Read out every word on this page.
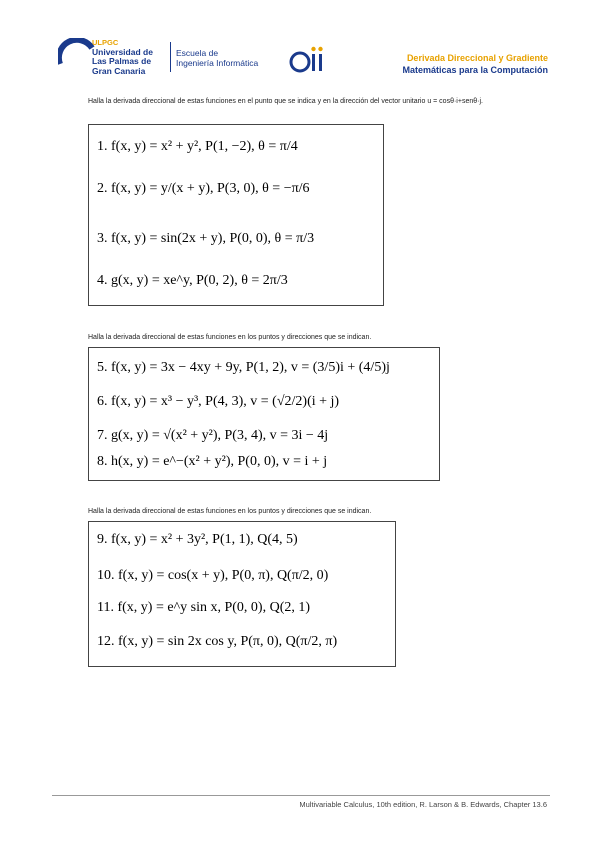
ULPGC
Universidad de
Las Palmas de
Gran Canaria
Escuela de
Ingeniería Informática	Derivada Direccional y Gradiente
Matemáticas para la Computación
Halla la derivada direccional de estas funciones en el punto que se indica y en la dirección del vector unitario u = cosθ·i+senθ·j.
1. f(x, y) = x² + y², P(1, −2), θ = π/4
2. f(x, y) = y/(x + y), P(3, 0), θ = −π/6
3. f(x, y) = sin(2x + y), P(0, 0), θ = π/3
4. g(x, y) = xe^y, P(0, 2), θ = 2π/3
Halla la derivada direccional de estas funciones en los puntos y direcciones que se indican.
5. f(x, y) = 3x − 4xy + 9y, P(1, 2), v = (3/5)i + (4/5)j
6. f(x, y) = x³ − y³, P(4, 3), v = (√2/2)(i + j)
7. g(x, y) = √(x² + y²), P(3, 4), v = 3i − 4j
8. h(x, y) = e^−(x² + y²), P(0, 0), v = i + j
Halla la derivada direccional de estas funciones en los puntos y direcciones que se indican.
9. f(x, y) = x² + 3y², P(1, 1), Q(4, 5)
10. f(x, y) = cos(x + y), P(0, π), Q(π/2, 0)
11. f(x, y) = e^y sin x, P(0, 0), Q(2, 1)
12. f(x, y) = sin 2x cos y, P(π, 0), Q(π/2, π)
Multivariable Calculus, 10th edition, R. Larson & B. Edwards, Chapter 13.6
